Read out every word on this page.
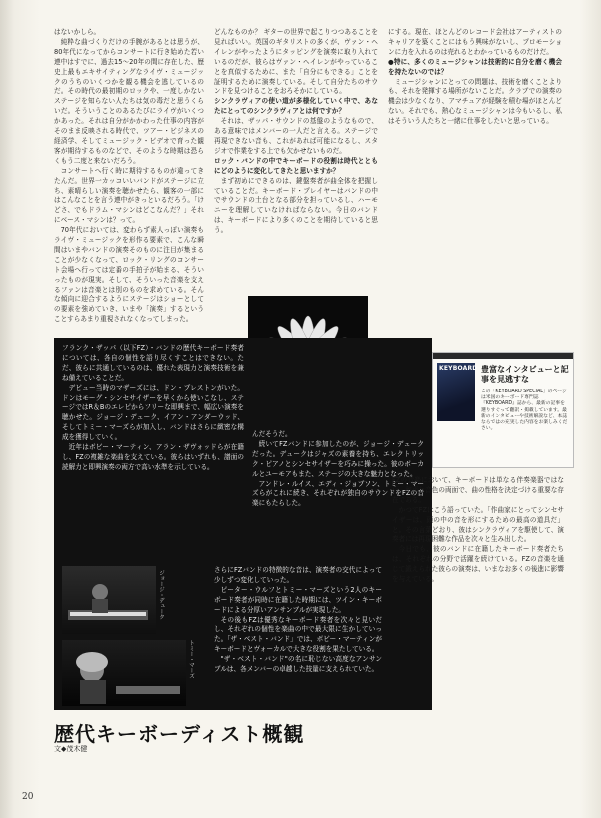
はないかしら。

純粋な曲づくりだけの手腕があるとは思うが、80年代になってからコンサートに行き始めた若い連中はすでに、過去15〜20年の間に存在した、歴史上最もエキサイティングなライヴ・ミュージックのうちのいくつかを観る機会を逃しているのだ。その時代の最初期のロックや、一度しかないステージを知らない人たちは気の毒だと思うくらいだ。そういうことのあるたびにライヴがいくつかあった。それは自分がかかわった仕事の内容がそのまま反映される時代で、ツアー・ビジネスの経済学、そしてミュージック・ビデオで育った観客が期待するものなどで、そのような時期は恐らくもう二度と来ないだろう。

コンサートへ行く時に期待するものが違ってきたんだ。世界一カッコいいバンドがステージに立ち、素晴らしい演奏を聴かせたら、観客の一部にはこんなことを言う連中がきっといるだろう。「けどさ、でもドラム・マシンはどこなんだ？」それにベース・マシンは？って。

70年代においては、変わらず素人っぽい演奏もライヴ・ミュージックを形作る要素で、こんな瞬間はいまやバンドの演奏そのものに注目が集まることが少なくなって、ロック・リングのコンサート会場へ行っては定番の手拍子が始まる、そういったものが現実。そして、そういった音楽を支えるファンは音楽とは別のものを求めている。そんな傾向に迎合するようにステージはショーとしての要素を強めていき、いまや「演奏」するということすらあまり重視されなくなってしまった。

どんなものか？ ギターの世界で起こりつつあることを見ればいい。英国のギタリストの多くが、ヴァン・ヘイレンがやったようにタッピングを演奏に取り入れているのだが、彼らはヴァン・ヘイレンがやっていることを真似するために、また「自分にもできる」ことを証明するために演奏している。そして自分たちのサウンドを見つけることをおろそかにしている。

シンクラヴィアの使い道が多様化していく中で、あなたにとってのシンクラヴィアとは何ですか？

それは、ザッパ・サウンドの基盤のようなもので、ある意味ではメンバーの一人だと言える。ステージで再現できない音も、これがあれば可能になるし、スタジオで作業をする上でも欠かせないものだ。

ロック・バンドの中でキーボードの役割は時代とともにどのように変化してきたと思いますか？

まず初めにできるのは、鍵盤奏者が曲全体を把握していることだ。キーボード・プレイヤーはバンドの中でサウンドの土台となる部分を担っているし、ハーモニーを理解していなければならない。今日のバンドは、キーボードにより多くのことを期待していると思う。

にする。現在、ほとんどのレコード会社はアーティストのキャリアを築くことにはもう興味がないし、プロモーションに力を入れるのは売れるとわかっているものだけだ。

●特に、多くのミュージシャンは技術的に自分を磨く機会を持たないのでは？

ミュージシャンにとっての問題は、技術を磨くことよりも、それを発揮する場所がないことだ。クラブでの演奏の機会は少なくなり、アマチュアが経験を積む場がほとんどない。それでも、熱心なミュージシャンは今もいるし、私はそういう人たちと一緒に仕事をしたいと思っている。

フランク・ザッパ（以下FZ）・バンドの歴代キーボード奏者については、各自の個性を語り尽くすことはできない。ただ、彼らに共通しているのは、優れた表現力と演奏技術を兼ね備えていることだ。

デビュー当時のマザーズには、ドン・プレストンがいた。ドンはモーグ・シンセサイザーを早くから使いこなし、ステージではR＆Bのエレピからフリーな即興まで、幅広い演奏を聴かせた。ジョージ・デューク、イアン・アンダーウッド、そしてトミー・マーズらが加入し、バンドはさらに緻密な構成を獲得していく。

近年はボビー・マーティン、アラン・ザヴォッドらが在籍し、FZの複雑な楽曲を支えている。彼らはいずれも、譜面の読解力と即興演奏の両方で高い水準を示している。

んだそうだ。

続いてFZバンドに参加したのが、ジョージ・デュークだった。デュークはジャズの素養を持ち、エレクトリック・ピアノとシンセサイザーを巧みに操った。彼のボーカルとユーモアもまた、ステージの大きな魅力となった。

アンドレ・ルイス、エディ・ジョブソン、トミー・マーズらがこれに続き、それぞれが独自のサウンドをFZの音楽にもたらした。

ジョージ・デューク
トミー・マーズ

さらにFZバンドの特徴的な音は、演奏者の交代によって少しずつ変化していった。

ピーター・ウルフとトミー・マーズという2人のキーボード奏者が同時に在籍した時期には、ツイン・キーボードによる分厚いアンサンブルが実現した。

その後もFZは優秀なキーボード奏者を次々と見いだし、それぞれの個性を楽曲の中で最大限に生かしていった。「ザ・ベスト・バンド」では、ボビー・マーティンがキーボードとヴォーカルで大きな役割を果たしている。

"ザ・ベスト・バンド"の名に恥じない高度なアンサンブルは、各メンバーの卓越した技量に支えられていた。

FZの音楽において、キーボードは単なる伴奏楽器ではない。和声と音色の両面で、曲の性格を決定づける重要な存在である。

かつてFZはこう語っていた。「作曲家にとってシンセサイザーは、頭の中の音を形にするための最高の道具だ」と。その言葉どおり、彼はシンクラヴィアを駆使して、演奏者には再現困難な作品を次々と生み出した。

今日でも、彼のバンドに在籍したキーボード奏者たちは、それぞれの分野で活躍を続けている。FZの音楽を通じて鍛えられた彼らの演奏は、いまなお多くの後進に影響を与えている。

KEYBOARD 豊富なインタビューと記事を見逃すな
この「KEYBOARD SPECIAL」のページは米国のキーボード専門誌『KEYBOARD』誌から、最新の記事を選りすぐって翻訳・掲載しています。最新のインタビューや技術解説など、本誌ならではの充実した内容をお楽しみください。
歴代キーボーディスト概観
文◆茂木健
20
